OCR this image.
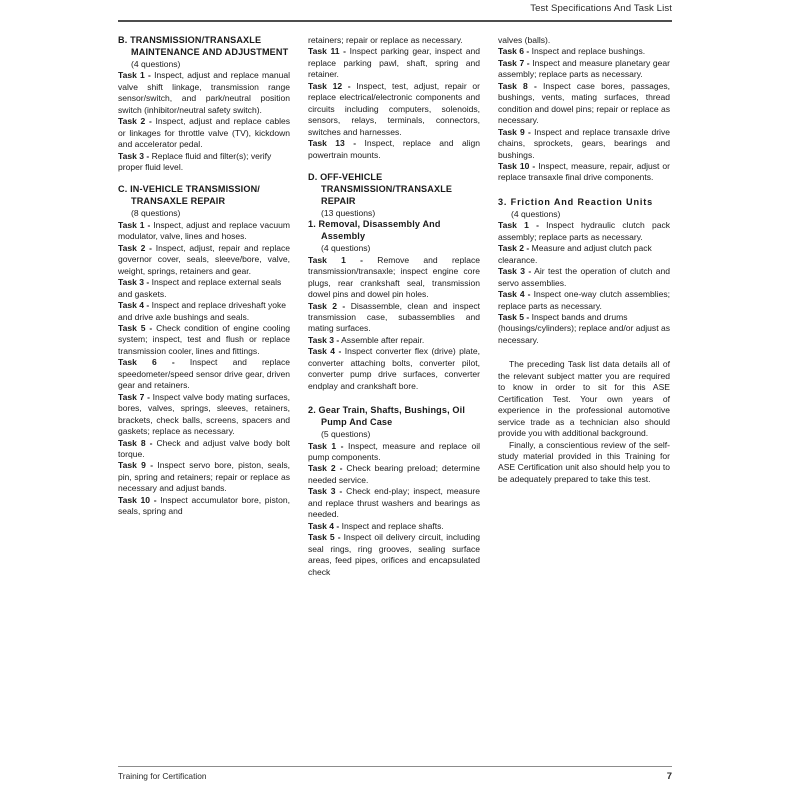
Test Specifications And Task List

B. TRANSMISSION/TRANSAXLE MAINTENANCE AND ADJUSTMENT

(4 questions)

Task 1 - Inspect, adjust and replace manual valve shift linkage, transmission range sensor/switch, and park/neutral position switch (inhibitor/neutral safety switch).

Task 2 - Inspect, adjust and replace cables or linkages for throttle valve (TV), kickdown and accelerator pedal.

Task 3 - Replace fluid and filter(s); verify proper fluid level.

C. IN-VEHICLE TRANSMISSION/ TRANSAXLE REPAIR

(8 questions)

Task 1 - Inspect, adjust and replace vacuum modulator, valve, lines and hoses.

Task 2 - Inspect, adjust, repair and replace governor cover, seals, sleeve/bore, valve, weight, springs, retainers and gear.

Task 3 - Inspect and replace external seals and gaskets.

Task 4 - Inspect and replace driveshaft yoke and drive axle bushings and seals.

Task 5 - Check condition of engine cooling system; inspect, test and flush or replace transmission cooler, lines and fittings.

Task 6 - Inspect and replace speedometer/speed sensor drive gear, driven gear and retainers.

Task 7 - Inspect valve body mating surfaces, bores, valves, springs, sleeves, retainers, brackets, check balls, screens, spacers and gaskets; replace as necessary.

Task 8 - Check and adjust valve body bolt torque.

Task 9 - Inspect servo bore, piston, seals, pin, spring and retainers; repair or replace as necessary and adjust bands.

Task 10 - Inspect accumulator bore, piston, seals, spring and

retainers; repair or replace as necessary.

Task 11 - Inspect parking gear, inspect and replace parking pawl, shaft, spring and retainer.

Task 12 - Inspect, test, adjust, repair or replace electrical/electronic components and circuits including computers, solenoids, sensors, relays, terminals, connectors, switches and harnesses.

Task 13 - Inspect, replace and align powertrain mounts.

D. OFF-VEHICLE TRANSMISSION/TRANSAXLE REPAIR

(13 questions)

1. Removal, Disassembly And Assembly

(4 questions)

Task 1 - Remove and replace transmission/transaxle; inspect engine core plugs, rear crankshaft seal, transmission dowel pins and dowel pin holes.

Task 2 - Disassemble, clean and inspect transmission case, subassemblies and mating surfaces.

Task 3 - Assemble after repair.

Task 4 - Inspect converter flex (drive) plate, converter attaching bolts, converter pilot, converter pump drive surfaces, converter endplay and crankshaft bore.

2. Gear Train, Shafts, Bushings, Oil Pump And Case

(5 questions)

Task 1 - Inspect, measure and replace oil pump components.

Task 2 - Check bearing preload; determine needed service.

Task 3 - Check end-play; inspect, measure and replace thrust washers and bearings as needed.

Task 4 - Inspect and replace shafts.

Task 5 - Inspect oil delivery circuit, including seal rings, ring grooves, sealing surface areas, feed pipes, orifices and encapsulated check

valves (balls).

Task 6 - Inspect and replace bushings.

Task 7 - Inspect and measure planetary gear assembly; replace parts as necessary.

Task 8 - Inspect case bores, passages, bushings, vents, mating surfaces, thread condition and dowel pins; repair or replace as necessary.

Task 9 - Inspect and replace transaxle drive chains, sprockets, gears, bearings and bushings.

Task 10 - Inspect, measure, repair, adjust or replace transaxle final drive components.

3. Friction And Reaction Units

(4 questions)

Task 1 - Inspect hydraulic clutch pack assembly; replace parts as necessary.

Task 2 - Measure and adjust clutch pack clearance.

Task 3 - Air test the operation of clutch and servo assemblies.

Task 4 - Inspect one-way clutch assemblies; replace parts as necessary.

Task 5 - Inspect bands and drums (housings/cylinders); replace and/or adjust as necessary.

The preceding Task list data details all of the relevant subject matter you are required to know in order to sit for this ASE Certification Test. Your own years of experience in the professional automotive service trade as a technician also should provide you with additional background.

Finally, a conscientious review of the self-study material provided in this Training for ASE Certification unit also should help you to be adequately prepared to take this test.

Training for Certification	7
